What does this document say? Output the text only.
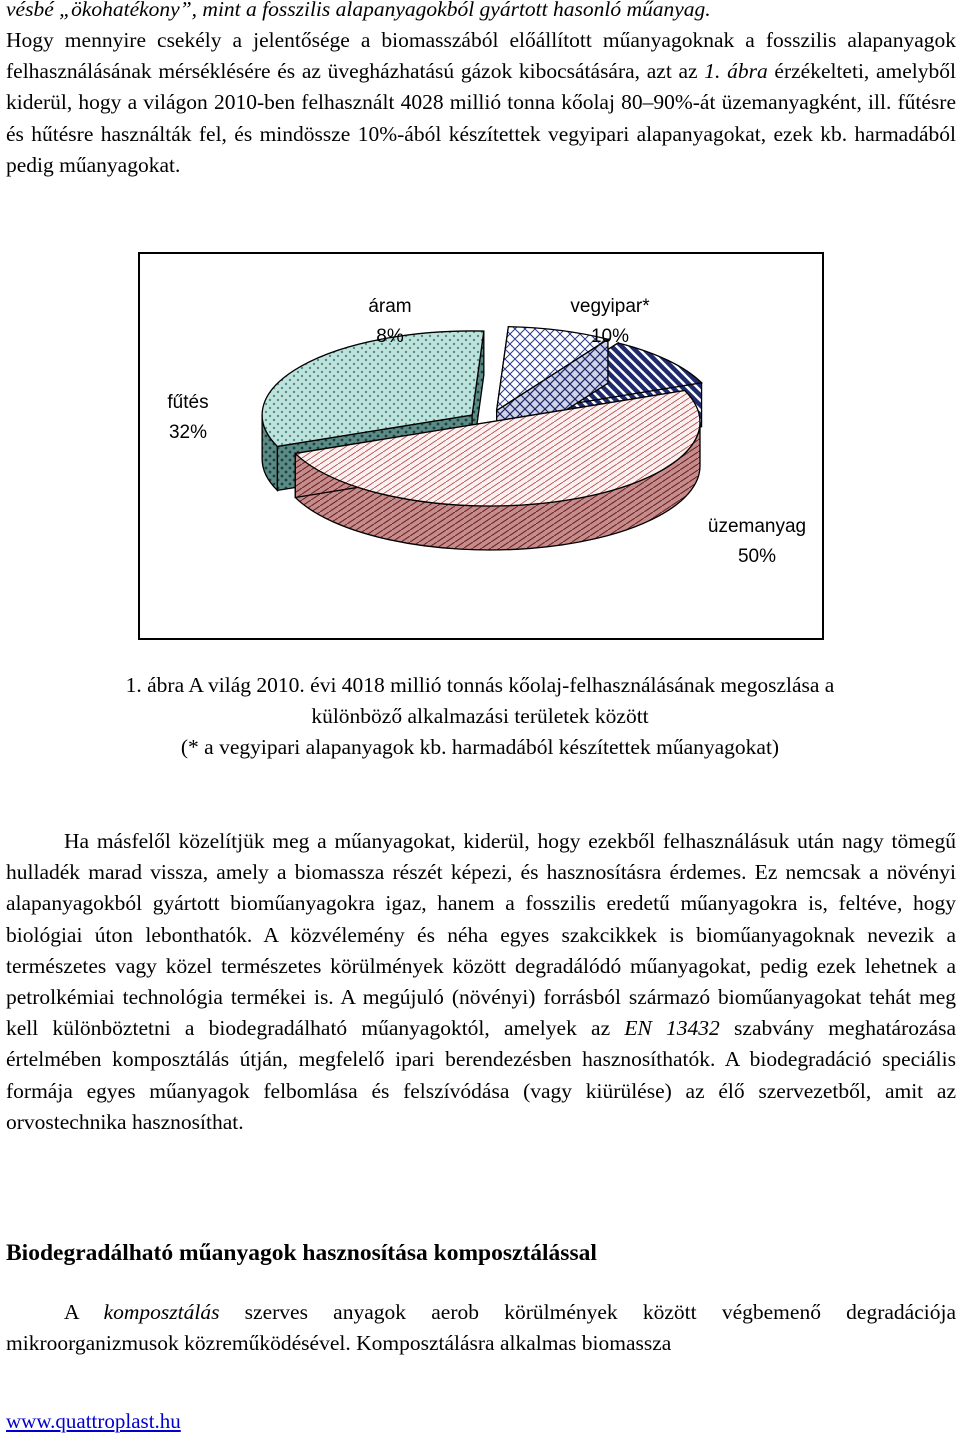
vésbé „ökohatékony”, mint a fosszilis alapanyagokból gyártott hasonló műanyag.

Hogy mennyire csekély a jelentősége a biomasszából előállított műanyagoknak a fosszilis alapanyagok felhasználásának mérséklésére és az üvegházhatású gázok kibocsátására, azt az 1. ábra érzékelteti, amelyből kiderül, hogy a világon 2010-ben felhasznált 4028 millió tonna kőolaj 80–90%-át üzemanyagként, ill. fűtésre és hűtésre használták fel, és mindössze 10%-ából készítettek vegyipari alapanyagokat, ezek kb. harmadából pedig műanyagokat.

áram
8%
vegyipar*
10%
fűtés
32%
üzemanyag
50%
1. ábra A világ 2010. évi 4018 millió tonnás kőolaj-felhasználásának megoszlása a
különböző alkalmazási területek között
(* a vegyipari alapanyagok kb. harmadából készítettek műanyagokat)

Ha másfelől közelítjük meg a műanyagokat, kiderül, hogy ezekből felhasználásuk után nagy tömegű hulladék marad vissza, amely a biomassza részét képezi, és hasznosításra érdemes. Ez nemcsak a növényi alapanyagokból gyártott bioműanyagokra igaz, hanem a fosszilis eredetű műanyagokra is, feltéve, hogy biológiai úton lebonthatók. A közvélemény és néha egyes szakcikkek is bioműanyagoknak nevezik a természetes vagy közel természetes körülmények között degradálódó műanyagokat, pedig ezek lehetnek a petrolkémiai technológia termékei is. A megújuló (növényi) forrásból származó bioműanyagokat tehát meg kell különböztetni a biodegradálható műanyagoktól, amelyek az EN 13432 szabvány meghatározása értelmében komposztálás útján, megfelelő ipari berendezésben hasznosíthatók. A biodegradáció speciális formája egyes műanyagok felbomlása és felszívódása (vagy kiürülése) az élő szervezetből, amit az orvostechnika hasznosíthat.

Biodegradálható műanyagok hasznosítása komposztálással

A komposztálás szerves anyagok aerob körülmények között végbemenő degradációja mikroorganizmusok közreműködésével. Komposztálásra alkalmas biomassza

www.quattroplast.hu
